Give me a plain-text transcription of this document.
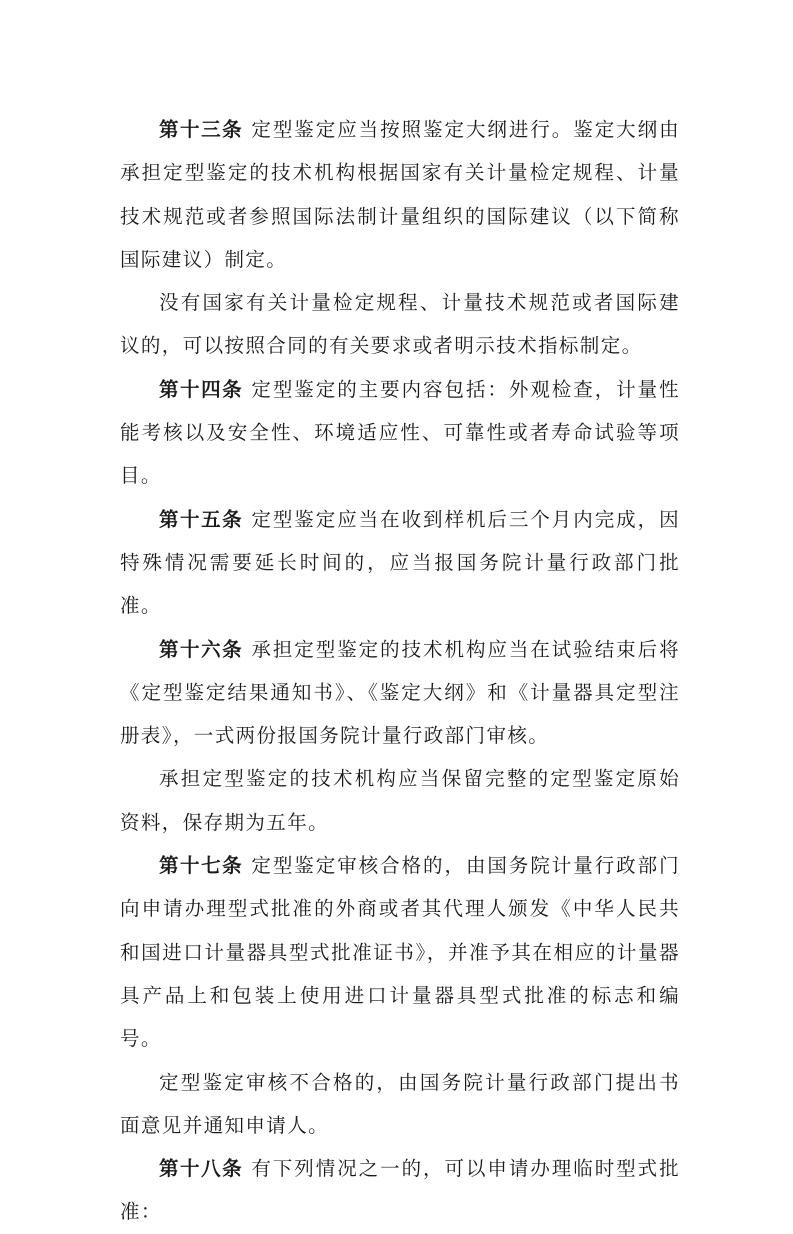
第十三条 定型鉴定应当按照鉴定大纲进行。鉴定大纲由承担定型鉴定的技术机构根据国家有关计量检定规程、计量技术规范或者参照国际法制计量组织的国际建议（以下简称国际建议）制定。

没有国家有关计量检定规程、计量技术规范或者国际建议的，可以按照合同的有关要求或者明示技术指标制定。

第十四条 定型鉴定的主要内容包括：外观检查，计量性能考核以及安全性、环境适应性、可靠性或者寿命试验等项目。

第十五条 定型鉴定应当在收到样机后三个月内完成，因特殊情况需要延长时间的，应当报国务院计量行政部门批准。

第十六条 承担定型鉴定的技术机构应当在试验结束后将《定型鉴定结果通知书》、《鉴定大纲》和《计量器具定型注册表》，一式两份报国务院计量行政部门审核。

承担定型鉴定的技术机构应当保留完整的定型鉴定原始资料，保存期为五年。

第十七条 定型鉴定审核合格的，由国务院计量行政部门向申请办理型式批准的外商或者其代理人颁发《中华人民共和国进口计量器具型式批准证书》，并准予其在相应的计量器具产品上和包装上使用进口计量器具型式批准的标志和编号。

定型鉴定审核不合格的，由国务院计量行政部门提出书面意见并通知申请人。

第十八条 有下列情况之一的，可以申请办理临时型式批准：
